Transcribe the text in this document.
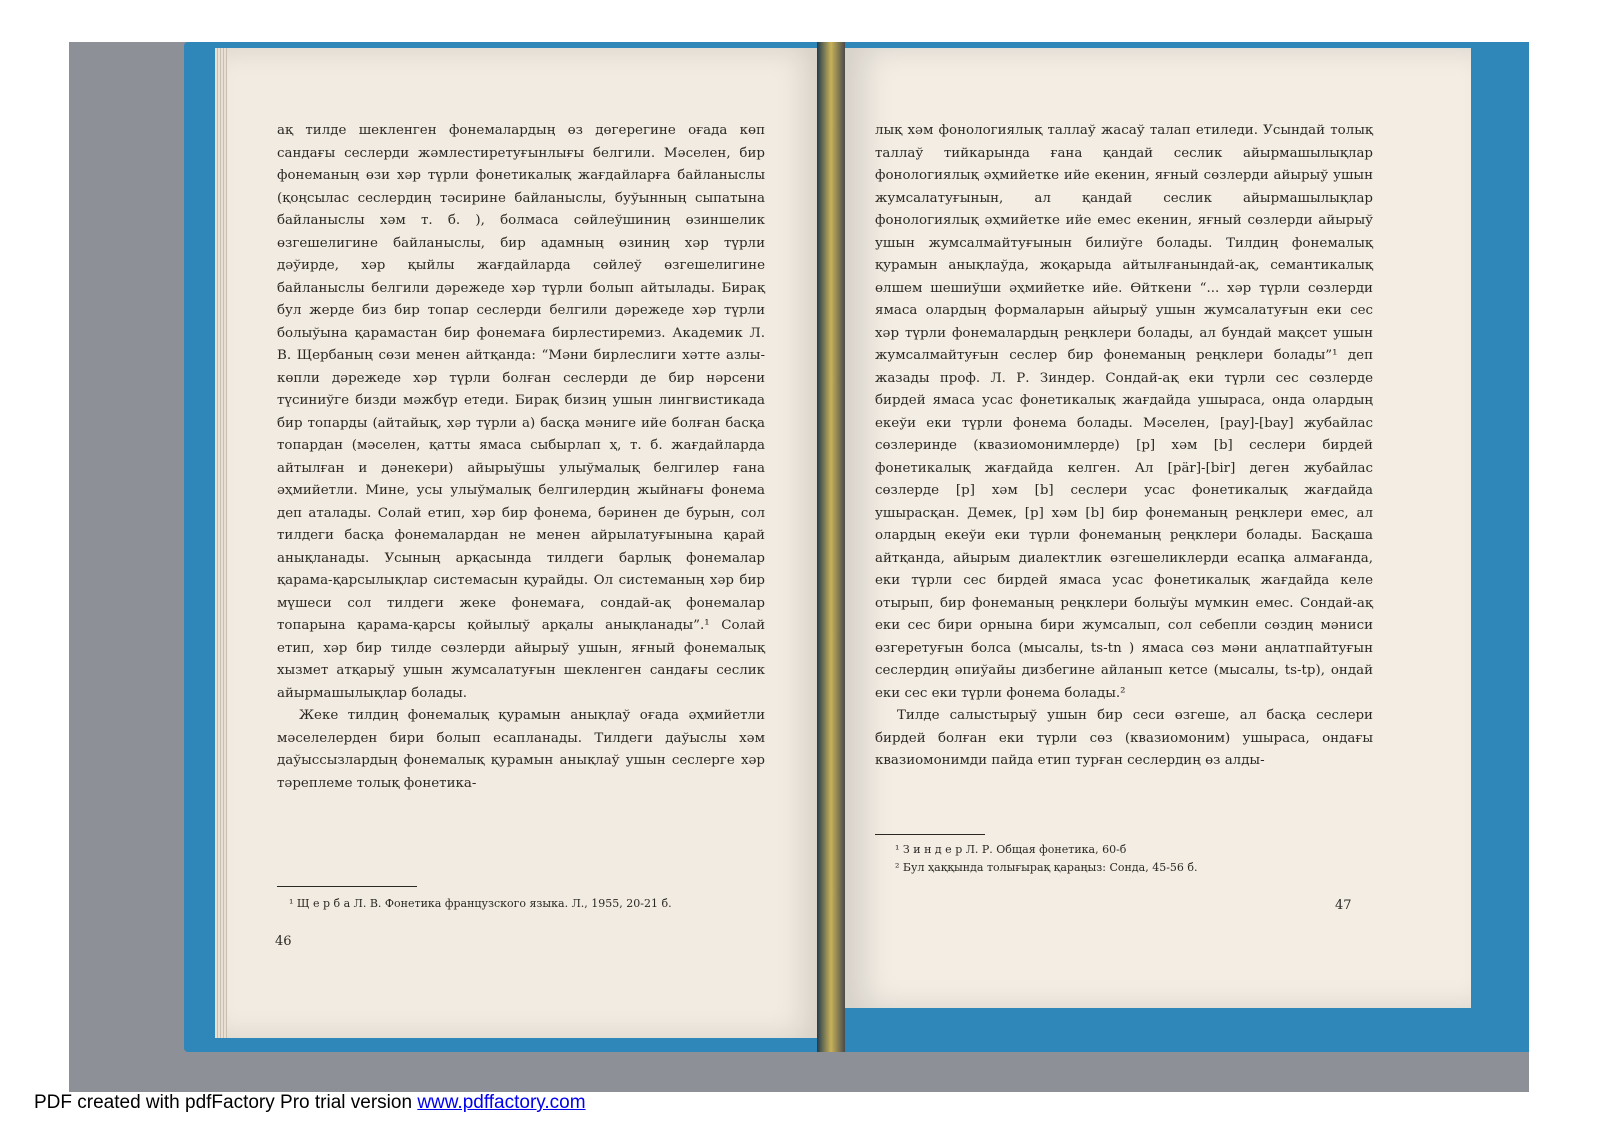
ақ тилде шекленген фонемалардың өз дөгерегине оғада көп сандағы сеслерди жәмлестиретуғынлығы белгили. Мәселен, бир фонеманың өзи хәр түрли фонетикалық жағдайларға байланыслы (қоңсылас сеслердиң тәсирине байланыслы, буўынның сыпатына байланыслы хәм т. б. ), болмаса сөйлеўшиниң өзиншелик өзгешелигине байланыслы, бир адамның өзиниң хәр түрли дәўирде, хәр қыйлы жағдайларда сөйлеў өзгешелигине байланыслы белгили дәрежеде хәр түрли болып айтылады. Бирақ бул жерде биз бир топар сеслерди белгили дәрежеде хәр түрли болыўына қарамастан бир фонемаға бирлестиремиз. Академик Л. В. Щербаның сөзи менен айтқанда: “Мәни бирлеслиги хәтте азлы-көпли дәрежеде хәр түрли болған сеслерди де бир нәрсени түсиниўге бизди мәжбүр етеди. Бирақ бизиң ушын лингвистикада бир топарды (айтайық, хәр түрли а) басқа мәниге ийе болған басқа топардан (мәселен, қатты ямаса сыбырлап ҳ, т. б. жағдайларда айтылған и дәнекери) айырыўшы улыўмалық белгилер ғана әҳмийетли. Мине, усы улыўмалық белгилердиң жыйнағы фонема деп аталады. Солай етип, хәр бир фонема, бәринен де бурын, сол тилдеги басқа фонемалардан не менен айрылатуғынына қарай анықланады. Усының арқасында тилдеги барлық фонемалар қарама-қарсылықлар системасын қурайды. Ол системаның хәр бир мүшеси сол тилдеги жеке фонемаға, сондай-ақ фонемалар топарына қарама-қарсы қойылыў арқалы анықланады”.¹ Солай етип, хәр бир тилде сөзлерди айырыў ушын, яғный фонемалық хызмет атқарыў ушын жумсалатуғын шекленген сандағы сеслик айырмашылықлар болады.

Жеке тилдиң фонемалық қурамын анықлаў оғада әҳмийетли мәселелерден бири болып есапланады. Тилдеги даўыслы хәм даўыссызлардың фонемалық қурамын анықлаў ушын сеслерге хәр тәреплеме толық фонетика-

¹ Щ е р б а Л. В. Фонетика французского языка. Л., 1955, 20-21 б.
46

лық хәм фонологиялық таллаў жасаў талап етиледи. Усындай толық таллаў тийкарында ғана қандай сеслик айырмашылықлар фонологиялық әҳмийетке ийе екенин, яғный сөзлерди айырыў ушын жумсалатуғынын, ал қандай сеслик айырмашылықлар фонологиялық әҳмийетке ийе емес екенин, яғный сөзлерди айырыў ушын жумсалмайтуғынын билиўге болады. Тилдиң фонемалық қурамын анықлаўда, жоқарыда айтылғанындай-ақ, семантикалық өлшем шешиўши әҳмийетке ийе. Өйткени “... хәр түрли сөзлерди ямаса олардың формаларын айырыў ушын жумсалатуғын еки сес хәр түрли фонемалардың реңклери болады, ал бундай мақсет ушын жумсалмайтуғын сеслер бир фонеманың реңклери болады”¹ деп жазады проф. Л. Р. Зиндер. Сондай-ақ еки түрли сес сөзлерде бирдей ямаса усас фонетикалық жағдайда ушыраса, онда олардың екеўи еки түрли фонема болады. Мәселен, [pay]-[bay] жубайлас сөзлеринде (квазиомонимлерде) [p] хәм [b] сеслери бирдей фонетикалық жағдайда келген. Ал [pär]-[bir] деген жубайлас сөзлерде [p] хәм [b] сеслери усас фонетикалық жағдайда ушырасқан. Демек, [p] хәм [b] бир фонеманың реңклери емес, ал олардың екеўи еки түрли фонеманың реңклери болады. Басқаша айтқанда, айырым диалектлик өзгешеликлерди есапқа алмағанда, еки түрли сес бирдей ямаса усас фонетикалық жағдайда келе отырып, бир фонеманың реңклери болыўы мүмкин емес. Сондай-ақ еки сес бири орнына бири жумсалып, сол себепли сөздиң мәниси өзгеретуғын болса (мысалы, ts-tn ) ямаса сөз мәни аңлатпайтуғын сеслердиң әпиўайы дизбегине айланып кетсе (мысалы, ts-tp), ондай еки сес еки түрли фонема болады.²

Тилде салыстырыў ушын бир сеси өзгеше, ал басқа сеслери бирдей болған еки түрли сөз (квазиомоним) ушыраса, ондағы квазиомонимди пайда етип турған сеслердиң өз алды-

¹ З и н д е р Л. Р. Общая фонетика, 60-б
² Бул ҳаққында толығырақ қараңыз: Сонда, 45-56 б.
47
PDF created with pdfFactory Pro trial version www.pdffactory.com
